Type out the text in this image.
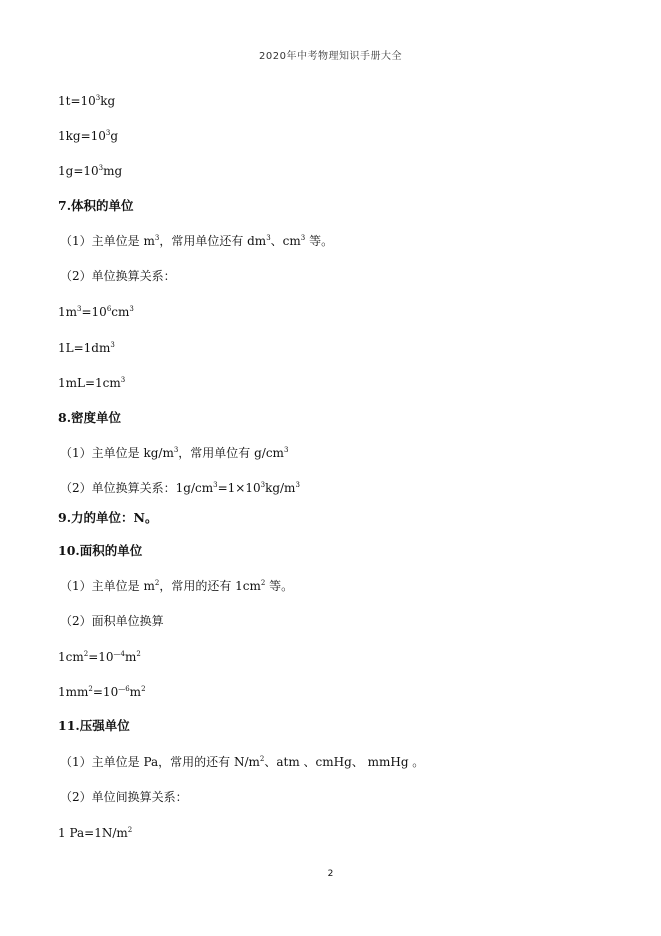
2020年中考物理知识手册大全
$1t=10^3kg$
$1kg=10^3g$
$1g=10^3mg$
7.体积的单位
（1）主单位是 $m^3$，常用单位还有 $dm^3$、$cm^3$ 等。
（2）单位换算关系：
$1m^3=10^6cm^3$
$1L=1dm^3$
$1mL=1cm^3$
8.密度单位
（1）主单位是 $kg/m^3$，常用单位有 $g/cm^3$
（2）单位换算关系：$1g/cm^3=1\times 10^3kg/m^3$
9.力的单位：N。
10.面积的单位
（1）主单位是 $m^2$，常用的还有 $1cm^2$ 等。
（2）面积单位换算
$1cm^2=10^{—4}m^2$
$1mm^2=10^{—6}m^2$
11.压强单位
（1）主单位是 Pa，常用的还有 $N/m^2$、atm 、cmHg、 mmHg 。
（2）单位间换算关系：
1 $Pa=1N/m^2$
2
